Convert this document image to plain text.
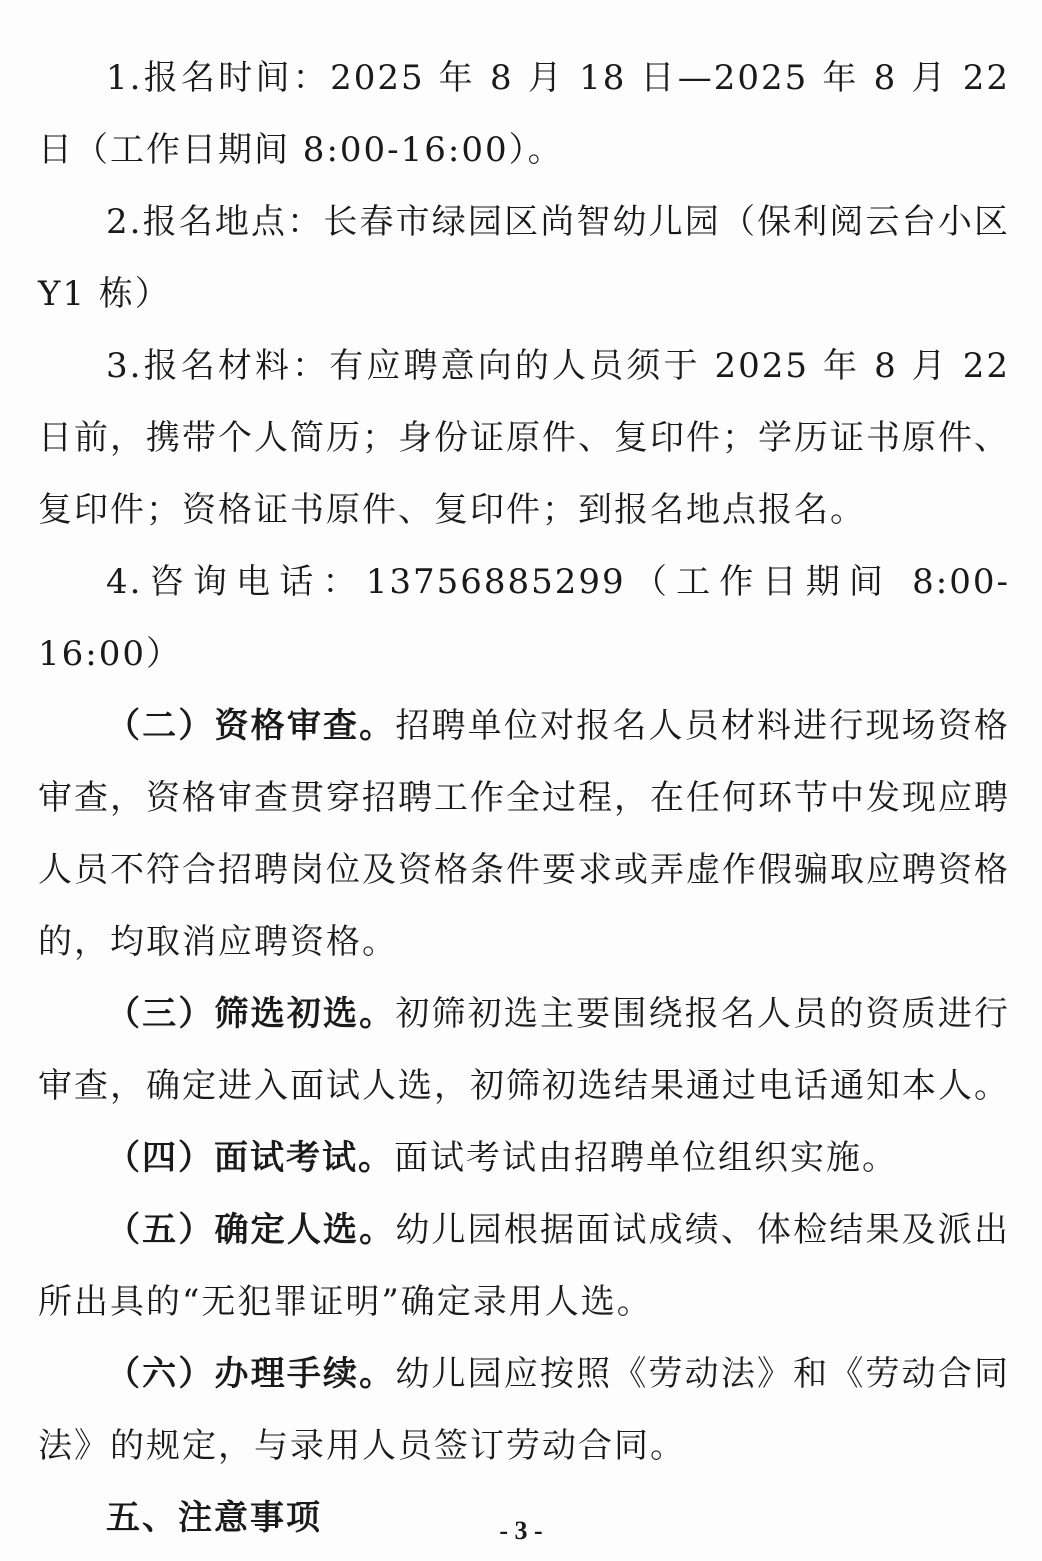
1.报名时间：2025 年 8 月 18 日—2025 年 8 月 22 日（工作日期间 8:00-16:00）。

2.报名地点：长春市绿园区尚智幼儿园（保利阅云台小区 Y1 栋）

3.报名材料：有应聘意向的人员须于 2025 年 8 月 22 日前，携带个人简历；身份证原件、复印件；学历证书原件、复印件；资格证书原件、复印件；到报名地点报名。

4.咨询电话：13756885299（工作日期间 8:00-16:00）

（二）资格审查。招聘单位对报名人员材料进行现场资格审查，资格审查贯穿招聘工作全过程，在任何环节中发现应聘人员不符合招聘岗位及资格条件要求或弄虚作假骗取应聘资格的，均取消应聘资格。

（三）筛选初选。初筛初选主要围绕报名人员的资质进行审查，确定进入面试人选，初筛初选结果通过电话通知本人。

（四）面试考试。面试考试由招聘单位组织实施。

（五）确定人选。幼儿园根据面试成绩、体检结果及派出所出具的“无犯罪证明”确定录用人选。

（六）办理手续。幼儿园应按照《劳动法》和《劳动合同法》的规定，与录用人员签订劳动合同。

五、注意事项	- 3 -
